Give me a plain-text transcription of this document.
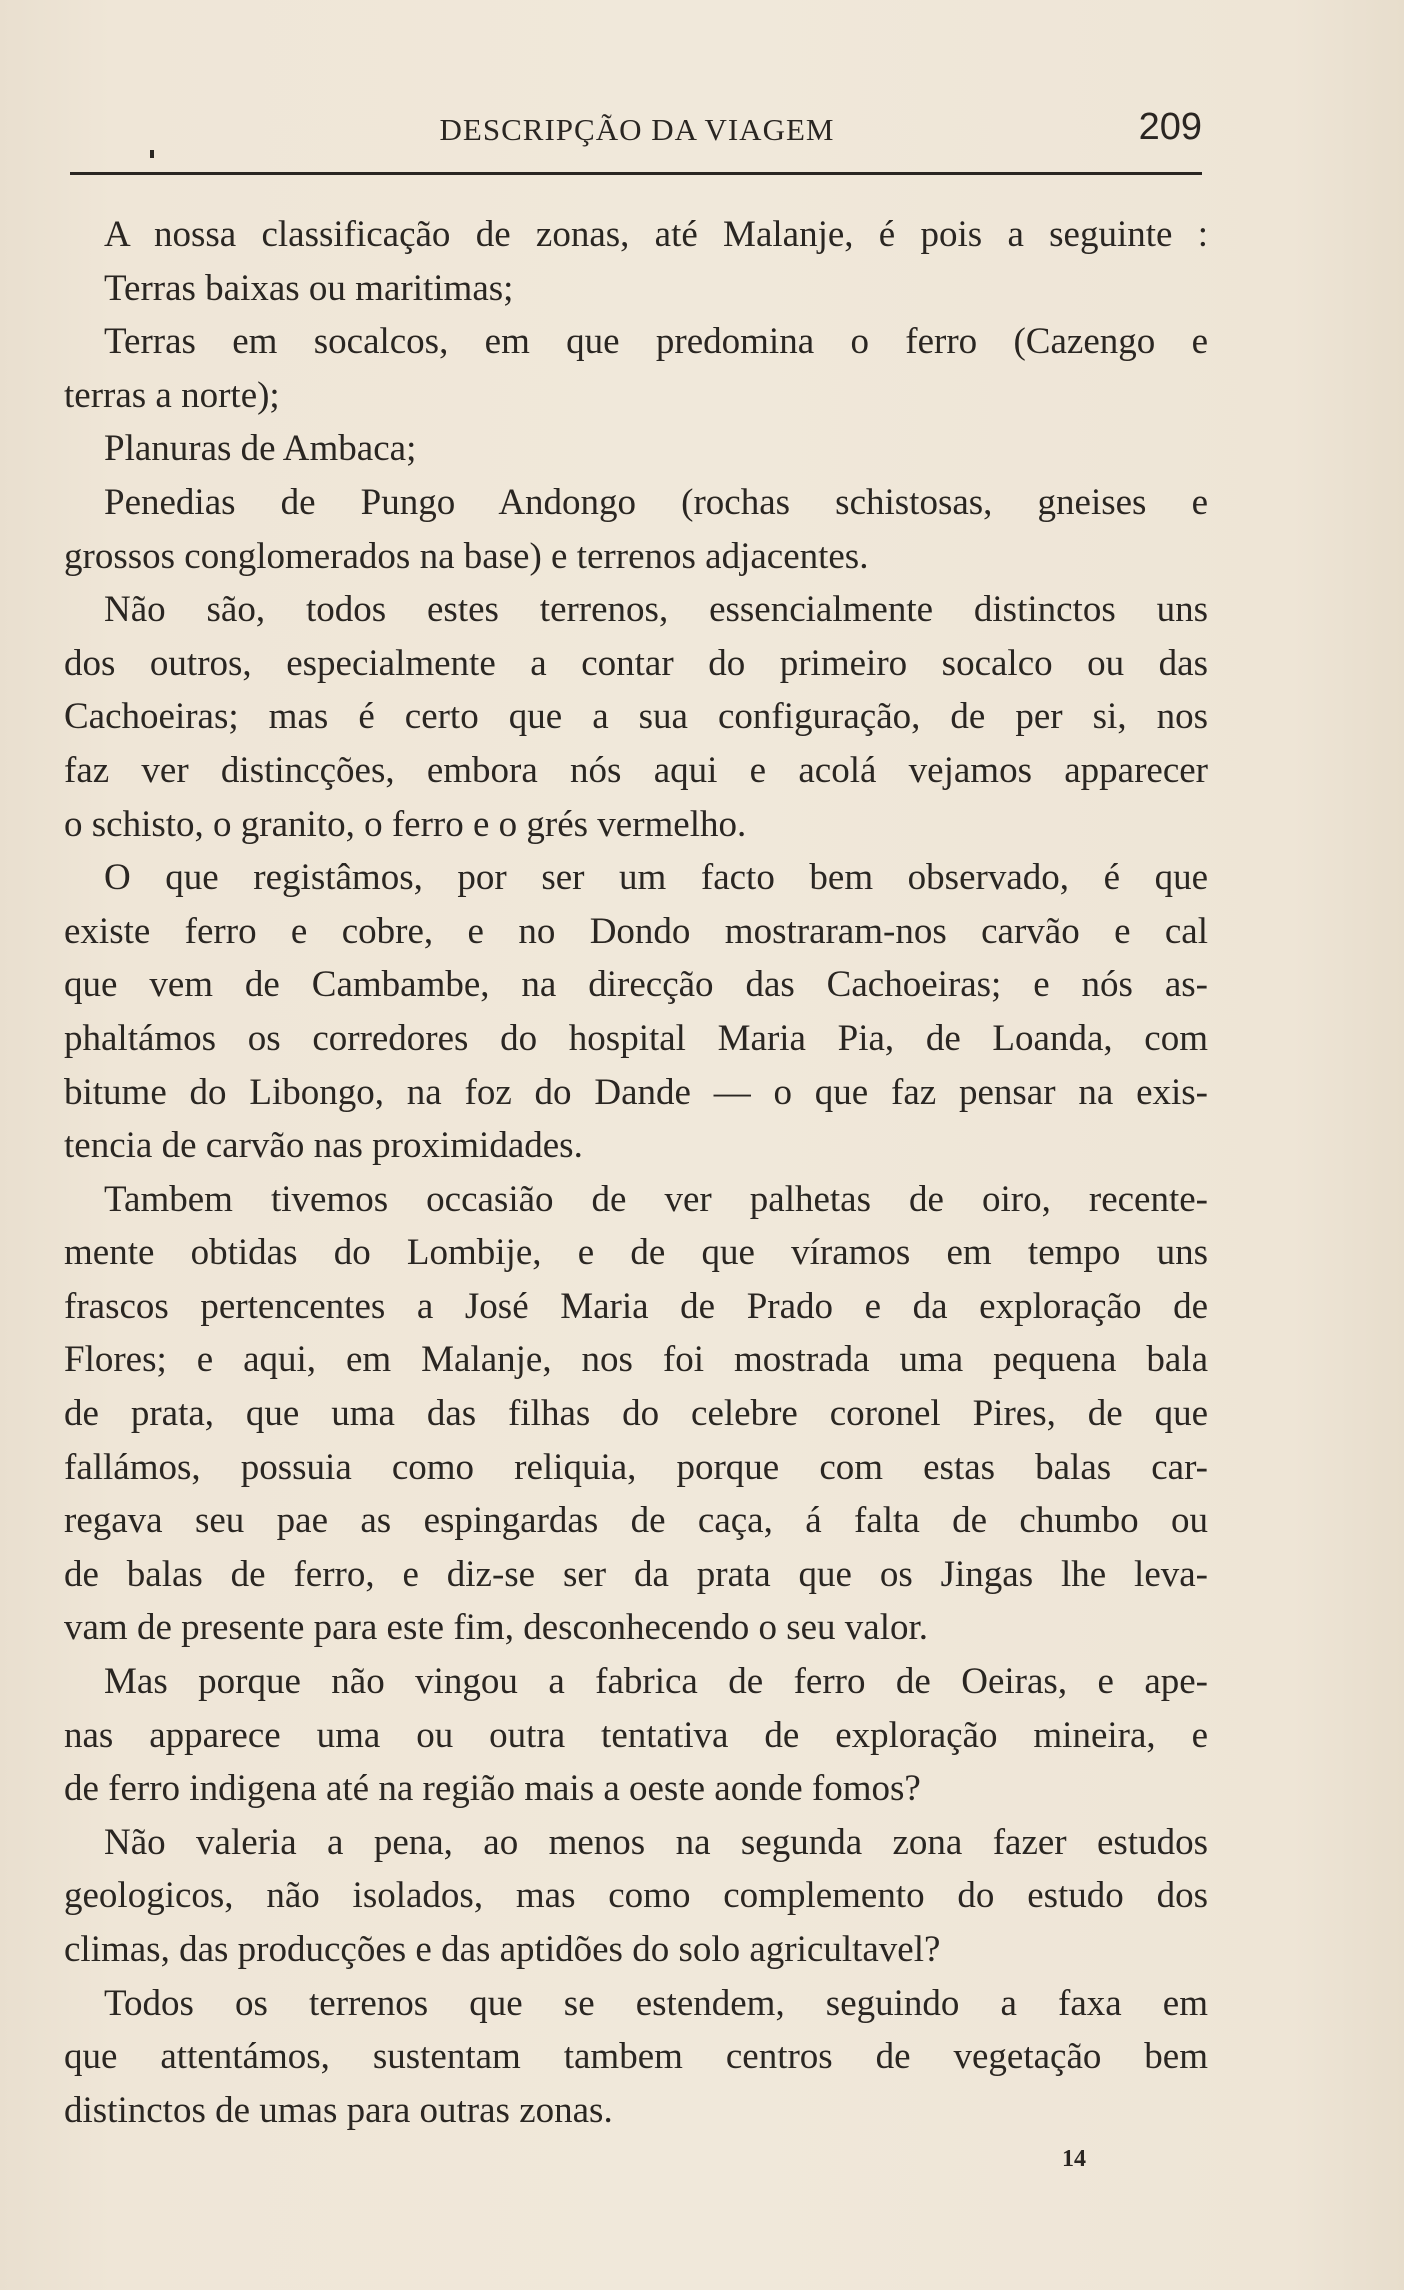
DESCRIPÇÃO DA VIAGEM	209
A nossa classificação de zonas, até Malanje, é pois a seguinte :
Terras baixas ou maritimas;
Terras em socalcos, em que predomina o ferro (Cazengo e
terras a norte);
Planuras de Ambaca;
Penedias de Pungo Andongo (rochas schistosas, gneises e
grossos conglomerados na base) e terrenos adjacentes.
Não são, todos estes terrenos, essencialmente distinctos uns
dos outros, especialmente a contar do primeiro socalco ou das
Cachoeiras; mas é certo que a sua configuração, de per si, nos
faz ver distincções, embora nós aqui e acolá vejamos apparecer
o schisto, o granito, o ferro e o grés vermelho.
O que registâmos, por ser um facto bem observado, é que
existe ferro e cobre, e no Dondo mostraram-nos carvão e cal
que vem de Cambambe, na direcção das Cachoeiras; e nós as-
phaltámos os corredores do hospital Maria Pia, de Loanda, com
bitume do Libongo, na foz do Dande — o que faz pensar na exis-
tencia de carvão nas proximidades.
Tambem tivemos occasião de ver palhetas de oiro, recente-
mente obtidas do Lombije, e de que víramos em tempo uns
frascos pertencentes a José Maria de Prado e da exploração de
Flores; e aqui, em Malanje, nos foi mostrada uma pequena bala
de prata, que uma das filhas do celebre coronel Pires, de que
fallámos, possuia como reliquia, porque com estas balas car-
regava seu pae as espingardas de caça, á falta de chumbo ou
de balas de ferro, e diz-se ser da prata que os Jingas lhe leva-
vam de presente para este fim, desconhecendo o seu valor.
Mas porque não vingou a fabrica de ferro de Oeiras, e ape-
nas apparece uma ou outra tentativa de exploração mineira, e
de ferro indigena até na região mais a oeste aonde fomos?
Não valeria a pena, ao menos na segunda zona fazer estudos
geologicos, não isolados, mas como complemento do estudo dos
climas, das producções e das aptidões do solo agricultavel?
Todos os terrenos que se estendem, seguindo a faxa em
que attentámos, sustentam tambem centros de vegetação bem
distinctos de umas para outras zonas.
14
